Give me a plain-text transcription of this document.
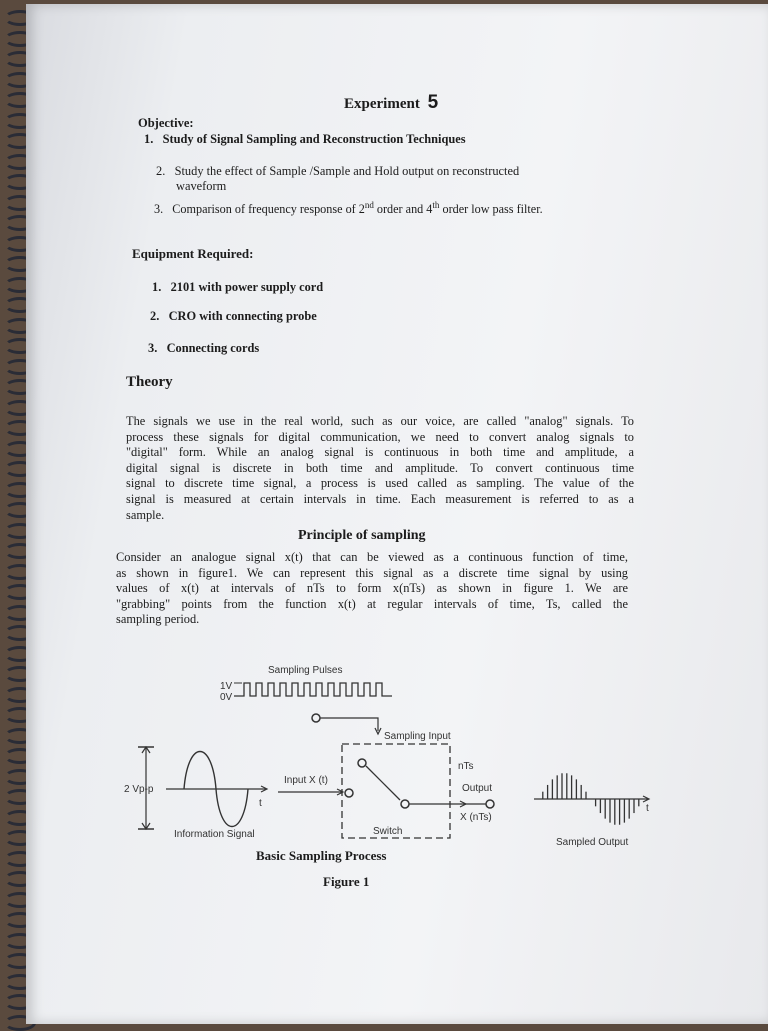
Experiment 5
Objective:
1. Study of Signal Sampling and Reconstruction Techniques
2. Study the effect of Sample /Sample and Hold output on reconstructed
waveform
3. Comparison of frequency response of 2nd order and 4th order low pass filter.
Equipment Required:
1. 2101 with power supply cord
2. CRO with connecting probe
3. Connecting cords
Theory
The signals we use in the real world, such as our voice, are called "analog" signals. To
process these signals for digital communication, we need to convert analog signals to
"digital" form. While an analog signal is continuous in both time and amplitude, a
digital signal is discrete in both time and amplitude. To convert continuous time
signal to discrete time signal, a process is used called as sampling. The value of the
signal is measured at certain intervals in time. Each measurement is referred to as a
sample.
Principle of sampling
Consider an analogue signal x(t) that can be viewed as a continuous function of time,
as shown in figure1. We can represent this signal as a discrete time signal by using
values of x(t) at intervals of nTs to form x(nTs) as shown in figure 1. We are
"grabbing" points from the function x(t) at regular intervals of time, Ts, called the
sampling period.
Sampling Pulses
1V
0V
Sampling Input
nTs
Switch
Input X (t)
Output
X (nTs)
2 Vp-p
t
Information Signal
t
Sampled Output
Basic Sampling Process
Figure 1
